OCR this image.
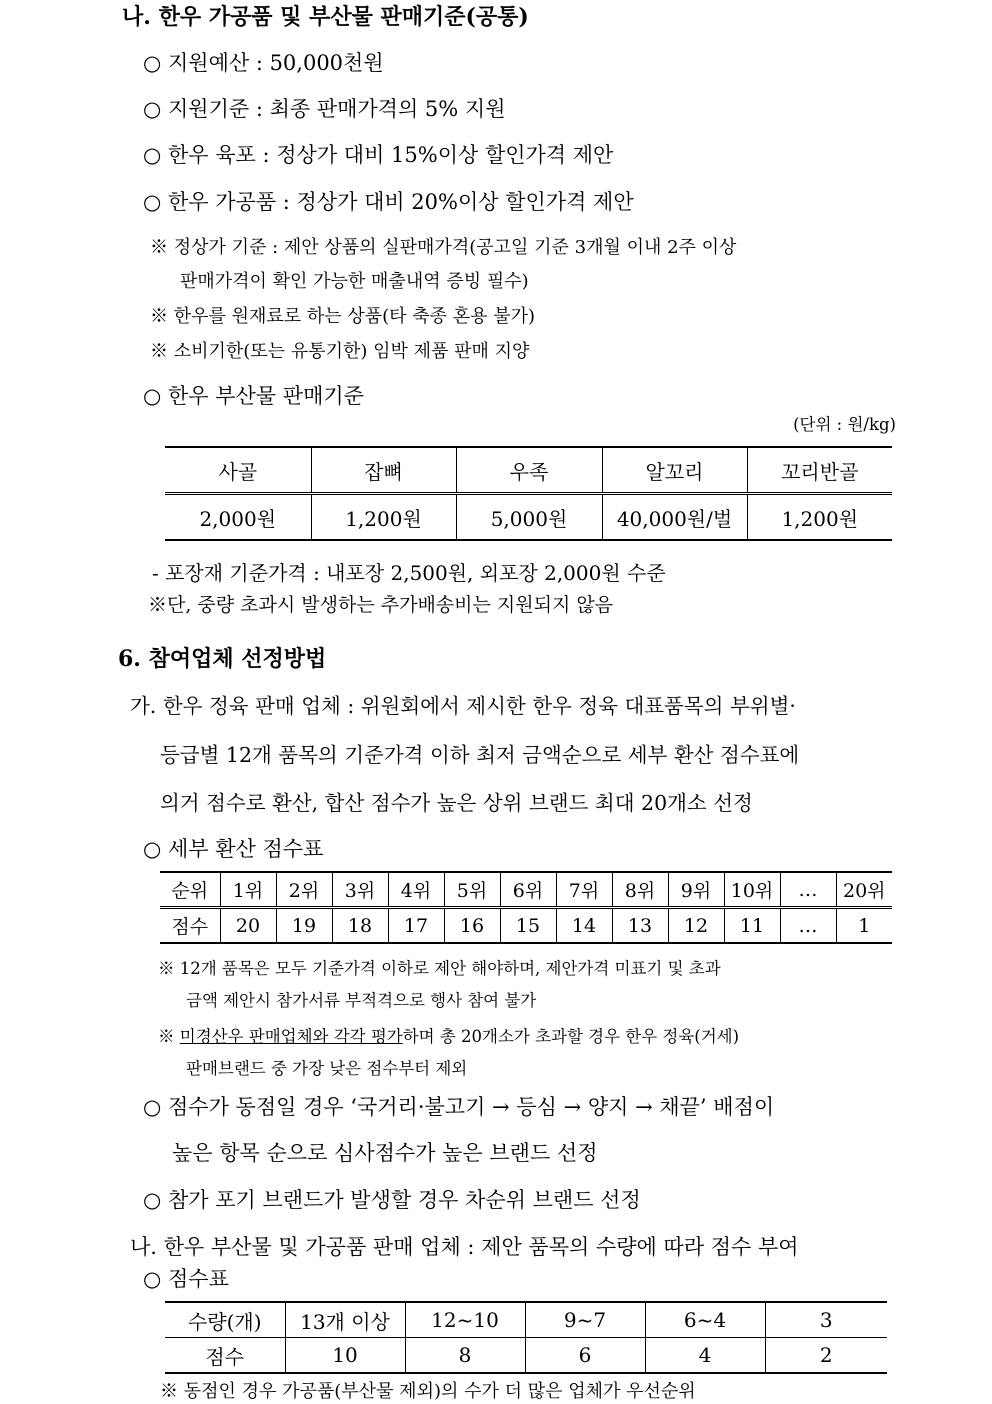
나. 한우 가공품 및 부산물 판매기준(공통)
○ 지원예산 : 50,000천원
○ 지원기준 : 최종 판매가격의 5% 지원
○ 한우 육포 : 정상가 대비 15%이상 할인가격 제안
○ 한우 가공품 : 정상가 대비 20%이상 할인가격 제안
※ 정상가 기준 : 제안 상품의 실판매가격(공고일 기준 3개월 이내 2주 이상
판매가격이 확인 가능한 매출내역 증빙 필수)
※ 한우를 원재료로 하는 상품(타 축종 혼용 불가)
※ 소비기한(또는 유통기한) 임박 제품 판매 지양
○ 한우 부산물 판매기준
(단위 : 원/kg)
사골	잡뼈	우족	알꼬리	꼬리반골
2,000원	1,200원	5,000원	40,000원/벌	1,200원
- 포장재 기준가격 : 내포장 2,500원, 외포장 2,000원 수준
※단, 중량 초과시 발생하는 추가배송비는 지원되지 않음
6. 참여업체 선정방법
가. 한우 정육 판매 업체 : 위원회에서 제시한 한우 정육 대표품목의 부위별·
등급별 12개 품목의 기준가격 이하 최저 금액순으로 세부 환산 점수표에
의거 점수로 환산, 합산 점수가 높은 상위 브랜드 최대 20개소 선정
○ 세부 환산 점수표
순위	1위	2위	3위	4위	5위	6위	7위	8위	9위	10위	…	20위
점수	20	19	18	17	16	15	14	13	12	11	…	1
※ 12개 품목은 모두 기준가격 이하로 제안 해야하며, 제안가격 미표기 및 초과
금액 제안시 참가서류 부적격으로 행사 참여 불가
※ 미경산우 판매업체와 각각 평가하며 총 20개소가 초과할 경우 한우 정육(거세)
판매브랜드 중 가장 낮은 점수부터 제외
○ 점수가 동점일 경우 ‘국거리·불고기 → 등심 → 양지 → 채끝’ 배점이
높은 항목 순으로 심사점수가 높은 브랜드 선정
○ 참가 포기 브랜드가 발생할 경우 차순위 브랜드 선정
나. 한우 부산물 및 가공품 판매 업체 : 제안 품목의 수량에 따라 점수 부여
○ 점수표
수량(개)	13개 이상	12~10	9~7	6~4	3
점수	10	8	6	4	2
※ 동점인 경우 가공품(부산물 제외)의 수가 더 많은 업체가 우선순위
